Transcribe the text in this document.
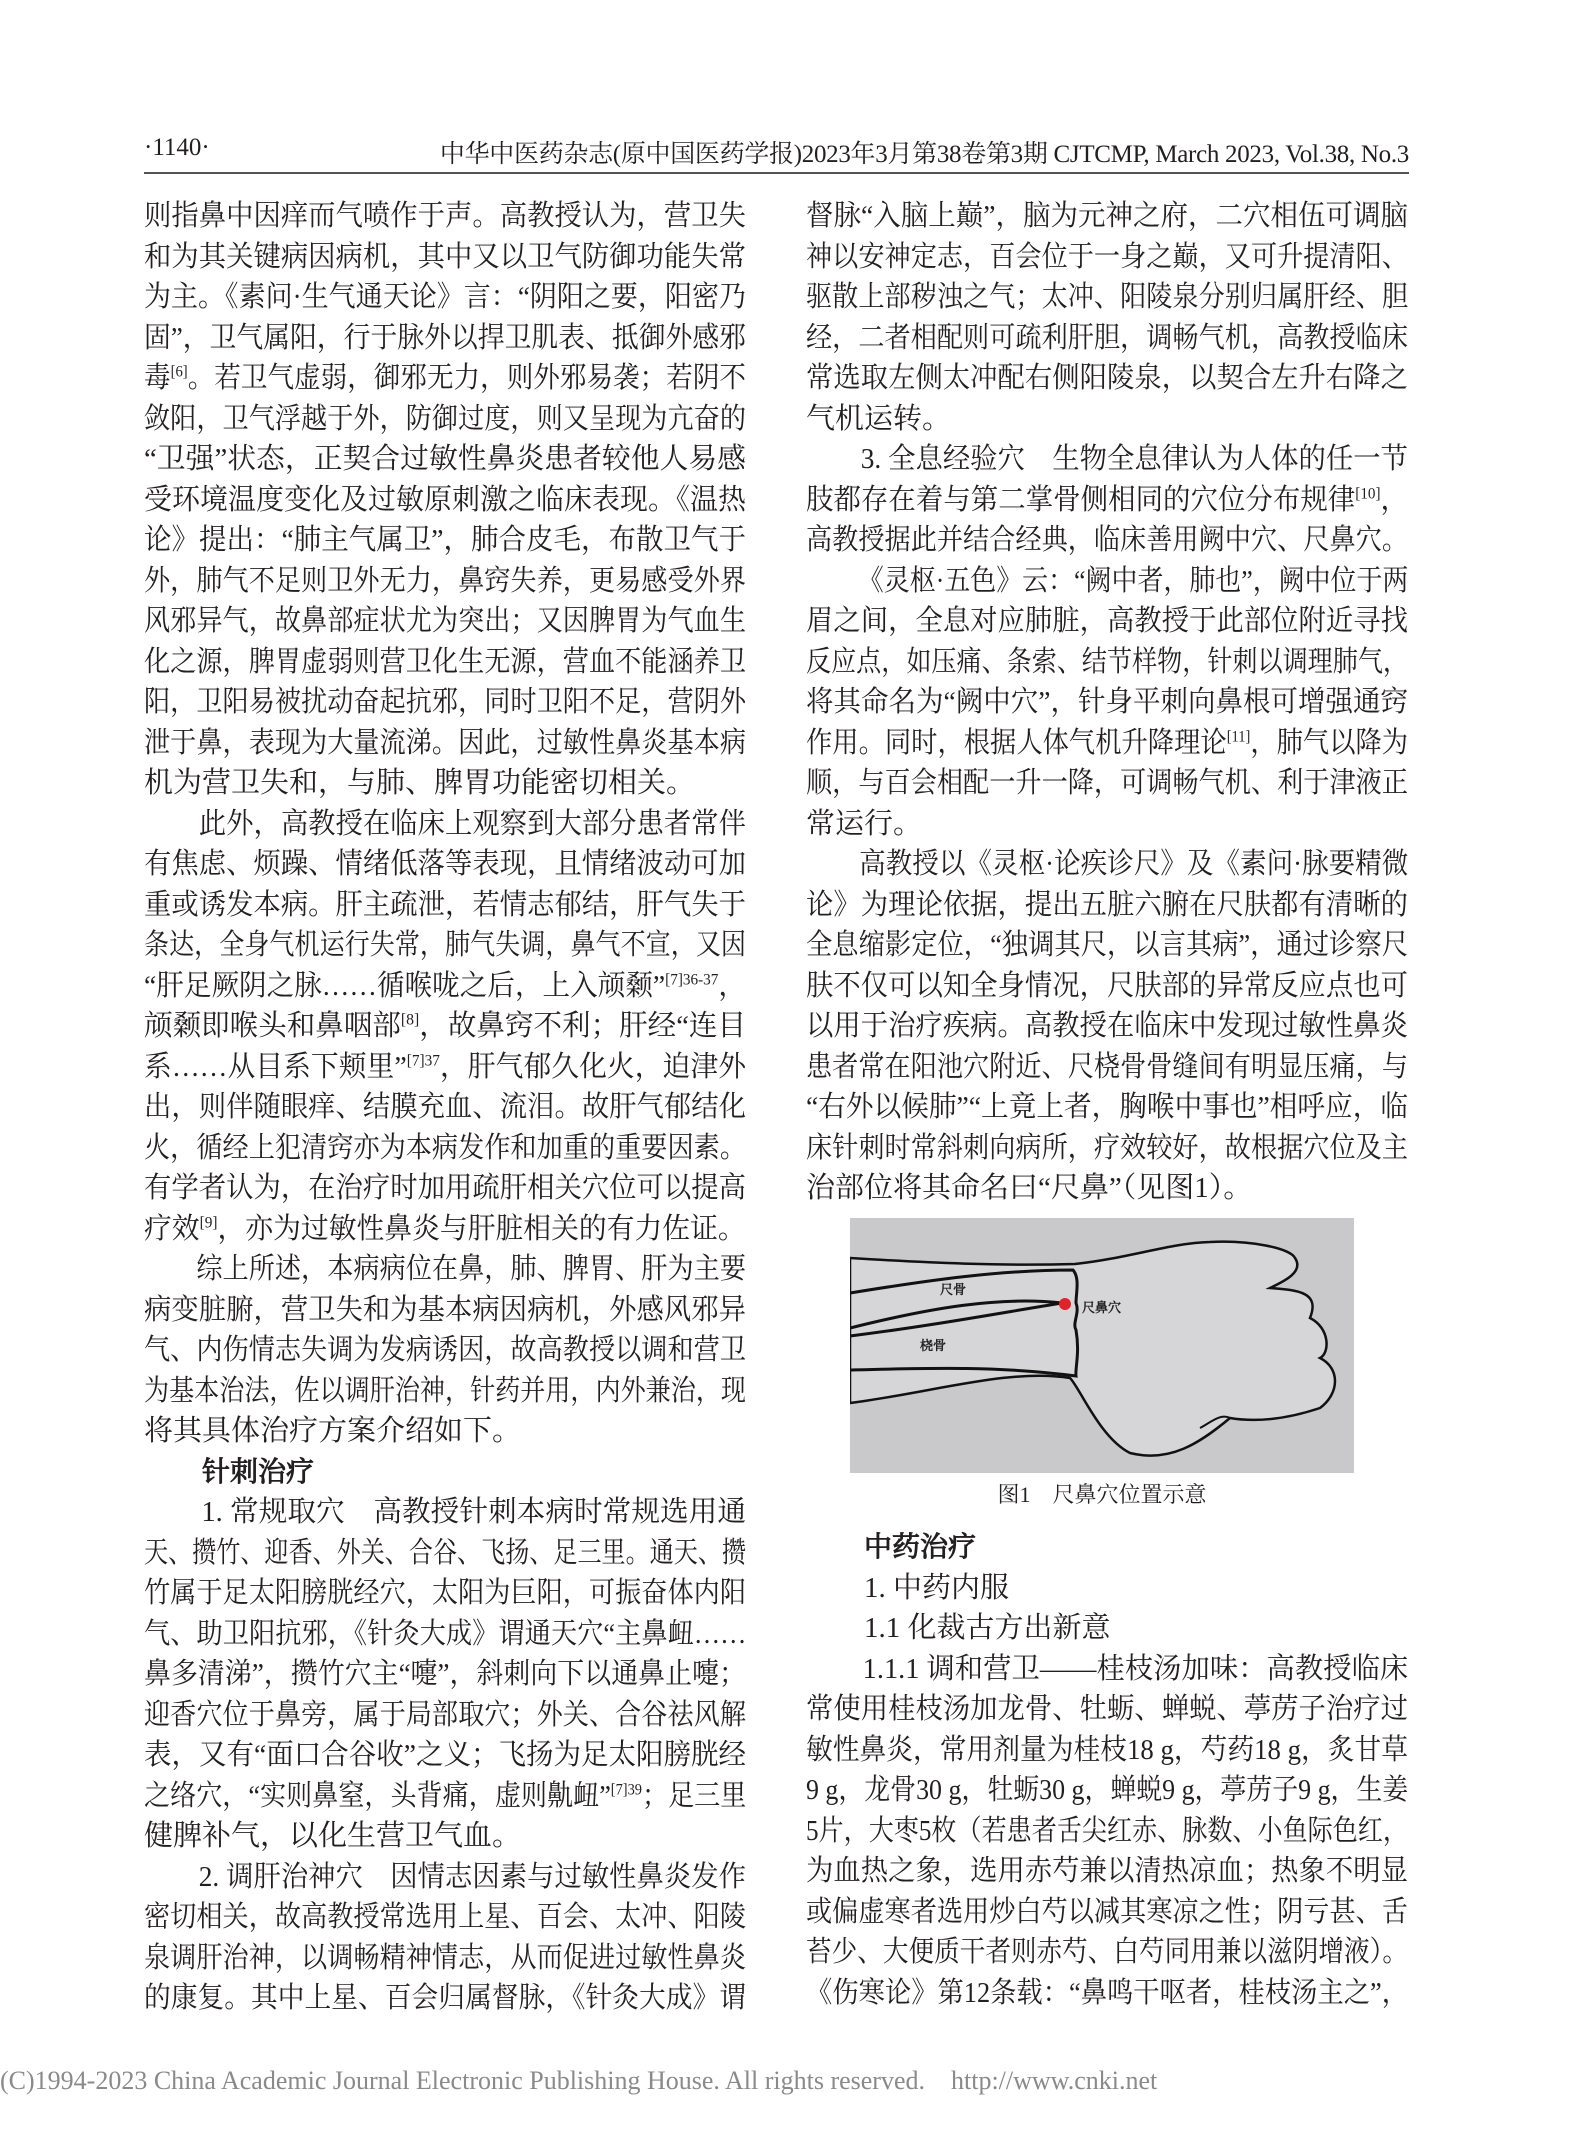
·1140·	中华中医药杂志(原中国医药学报)2023年3月第38卷第3期 CJTCMP, March 2023, Vol.38, No.3
则指鼻中因痒而气喷作于声。高教授认为，营卫失
和为其关键病因病机，其中又以卫气防御功能失常
为主。《素问·生气通天论》言：“阴阳之要，阳密乃
固”，卫气属阳，行于脉外以捍卫肌表、抵御外感邪
毒[6]。若卫气虚弱，御邪无力，则外邪易袭；若阴不
敛阳，卫气浮越于外，防御过度，则又呈现为亢奋的
“卫强”状态，正契合过敏性鼻炎患者较他人易感
受环境温度变化及过敏原刺激之临床表现。《温热
论》提出：“肺主气属卫”，肺合皮毛，布散卫气于
外，肺气不足则卫外无力，鼻窍失养，更易感受外界
风邪异气，故鼻部症状尤为突出；又因脾胃为气血生
化之源，脾胃虚弱则营卫化生无源，营血不能涵养卫
阳，卫阳易被扰动奋起抗邪，同时卫阳不足，营阴外
泄于鼻，表现为大量流涕。因此，过敏性鼻炎基本病
机为营卫失和，与肺、脾胃功能密切相关。
此外，高教授在临床上观察到大部分患者常伴
有焦虑、烦躁、情绪低落等表现，且情绪波动可加
重或诱发本病。肝主疏泄，若情志郁结，肝气失于
条达，全身气机运行失常，肺气失调，鼻气不宣，又因
“肝足厥阴之脉……循喉咙之后，上入颃颡”$^{[7]36-37}$，
颃颡即喉头和鼻咽部[8]，故鼻窍不利；肝经“连目
系……从目系下颊里”$^{[7]37}$，肝气郁久化火，迫津外
出，则伴随眼痒、结膜充血、流泪。故肝气郁结化
火，循经上犯清窍亦为本病发作和加重的重要因素。
有学者认为，在治疗时加用疏肝相关穴位可以提高
疗效[9]，亦为过敏性鼻炎与肝脏相关的有力佐证。
综上所述，本病病位在鼻，肺、脾胃、肝为主要
病变脏腑，营卫失和为基本病因病机，外感风邪异
气、内伤情志失调为发病诱因，故高教授以调和营卫
为基本治法，佐以调肝治神，针药并用，内外兼治，现
将其具体治疗方案介绍如下。
针刺治疗
1. 常规取穴　高教授针刺本病时常规选用通
天、攒竹、迎香、外关、合谷、飞扬、足三里。通天、攒
竹属于足太阳膀胱经穴，太阳为巨阳，可振奋体内阳
气、助卫阳抗邪，《针灸大成》谓通天穴“主鼻衄……
鼻多清涕”，攒竹穴主“嚏”，斜刺向下以通鼻止嚏；
迎香穴位于鼻旁，属于局部取穴；外关、合谷祛风解
表，又有“面口合谷收”之义；飞扬为足太阳膀胱经
之络穴，“实则鼻窒，头背痛，虚则鼽衄”$^{[7]39}$；足三里
健脾补气，以化生营卫气血。
2. 调肝治神穴　因情志因素与过敏性鼻炎发作
密切相关，故高教授常选用上星、百会、太冲、阳陵
泉调肝治神，以调畅精神情志，从而促进过敏性鼻炎
的康复。其中上星、百会归属督脉，《针灸大成》谓
督脉“入脑上巅”，脑为元神之府，二穴相伍可调脑
神以安神定志，百会位于一身之巅，又可升提清阳、
驱散上部秽浊之气；太冲、阳陵泉分别归属肝经、胆
经，二者相配则可疏利肝胆，调畅气机，高教授临床
常选取左侧太冲配右侧阳陵泉，以契合左升右降之
气机运转。
3. 全息经验穴　生物全息律认为人体的任一节
肢都存在着与第二掌骨侧相同的穴位分布规律[10]，
高教授据此并结合经典，临床善用阙中穴、尺鼻穴。
《灵枢·五色》云：“阙中者，肺也”，阙中位于两
眉之间，全息对应肺脏，高教授于此部位附近寻找
反应点，如压痛、条索、结节样物，针刺以调理肺气，
将其命名为“阙中穴”，针身平刺向鼻根可增强通窍
作用。同时，根据人体气机升降理论[11]，肺气以降为
顺，与百会相配一升一降，可调畅气机、利于津液正
常运行。
高教授以《灵枢·论疾诊尺》及《素问·脉要精微
论》为理论依据，提出五脏六腑在尺肤都有清晰的
全息缩影定位，“独调其尺，以言其病”，通过诊察尺
肤不仅可以知全身情况，尺肤部的异常反应点也可
以用于治疗疾病。高教授在临床中发现过敏性鼻炎
患者常在阳池穴附近、尺桡骨骨缝间有明显压痛，与
“右外以候肺”“上竟上者，胸喉中事也”相呼应，临
床针刺时常斜刺向病所，疗效较好，故根据穴位及主
治部位将其命名曰“尺鼻”（见图1）。
尺骨
桡骨
尺鼻穴
图1　尺鼻穴位置示意
中药治疗
1. 中药内服
1.1 化裁古方出新意
1.1.1 调和营卫——桂枝汤加味：高教授临床
常使用桂枝汤加龙骨、牡蛎、蝉蜕、葶苈子治疗过
敏性鼻炎，常用剂量为桂枝18 g，芍药18 g，炙甘草
9 g，龙骨30 g，牡蛎30 g，蝉蜕9 g，葶苈子9 g，生姜
5片，大枣5枚（若患者舌尖红赤、脉数、小鱼际色红，
为血热之象，选用赤芍兼以清热凉血；热象不明显
或偏虚寒者选用炒白芍以减其寒凉之性；阴亏甚、舌
苔少、大便质干者则赤芍、白芍同用兼以滋阴增液）。
《伤寒论》第12条载：“鼻鸣干呕者，桂枝汤主之”，
(C)1994-2023 China Academic Journal Electronic Publishing House. All rights reserved.    http://www.cnki.net
